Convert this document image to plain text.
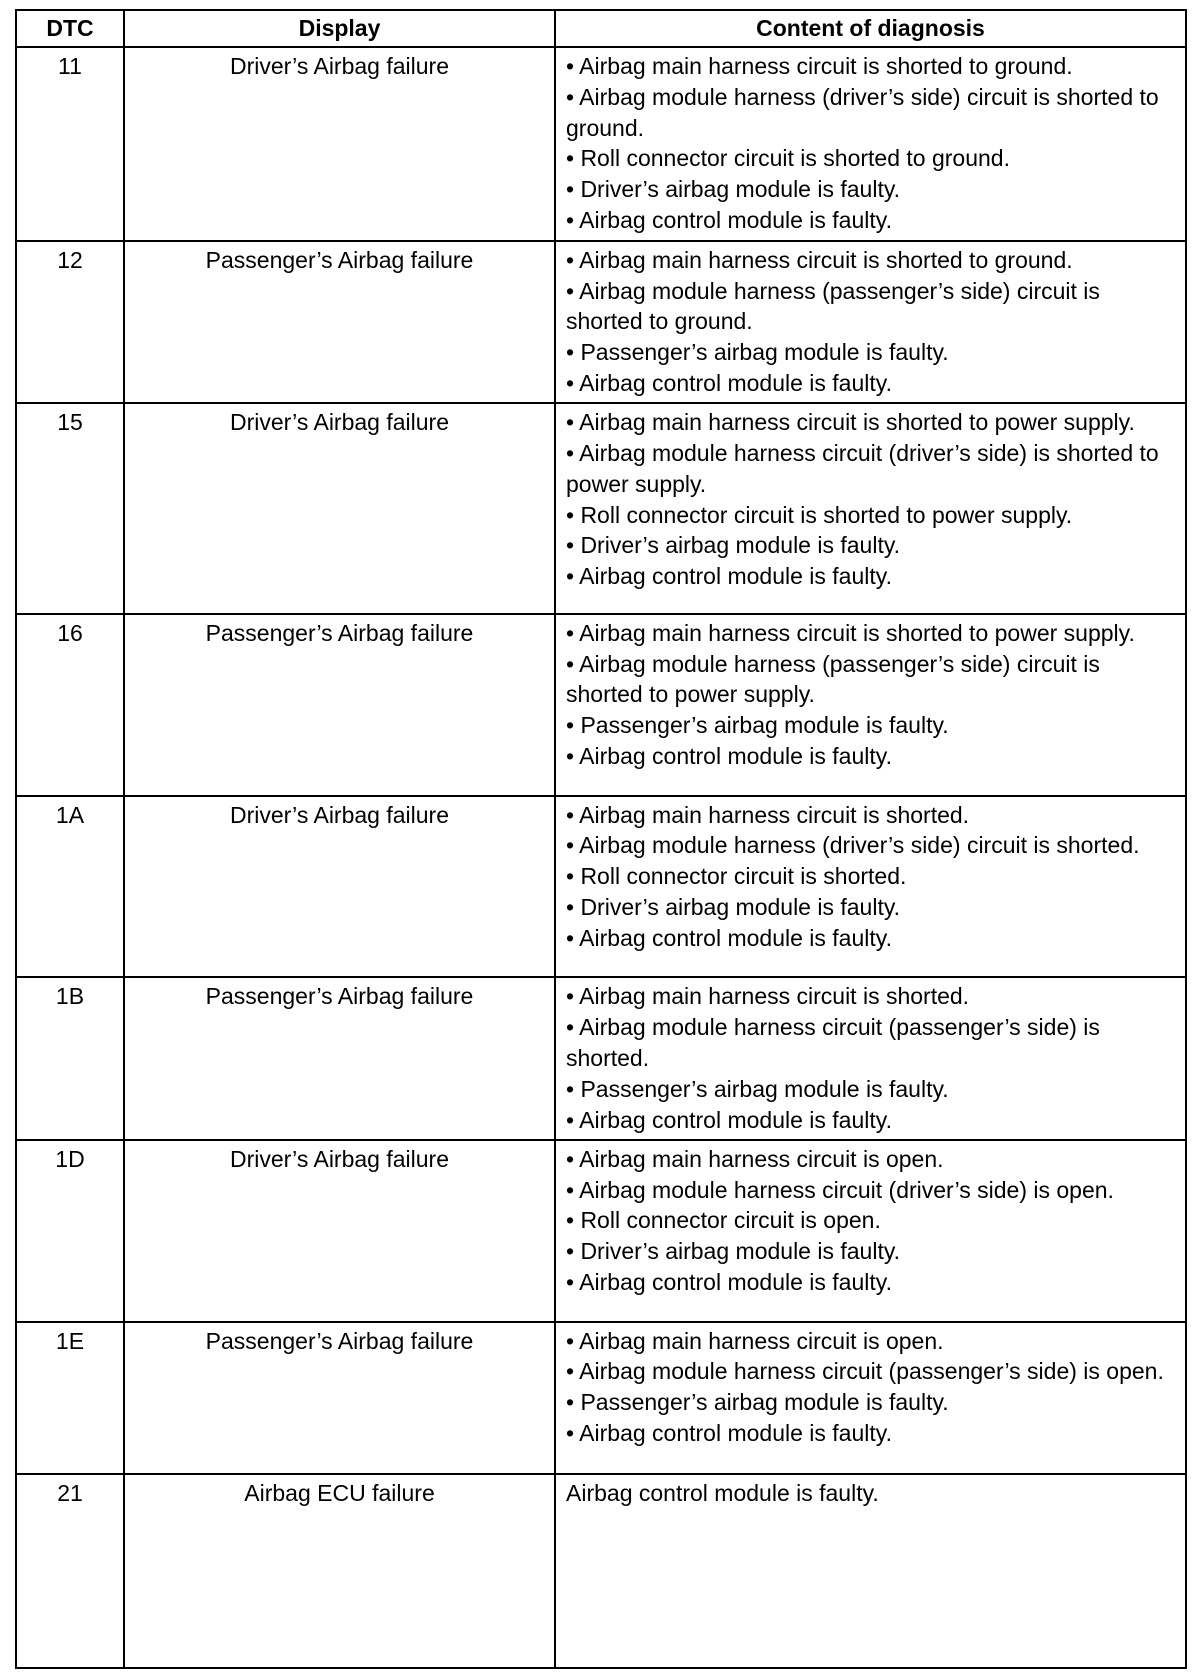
DTC	Display	Content of diagnosis
11	Driver’s Airbag failure	• Airbag main harness circuit is shorted to ground.
• Airbag module harness (driver’s side) circuit is shorted to ground.
• Roll connector circuit is shorted to ground.
• Driver’s airbag module is faulty.
• Airbag control module is faulty.

12	Passenger’s Airbag failure	• Airbag main harness circuit is shorted to ground.
• Airbag module harness (passenger’s side) circuit is shorted to ground.
• Passenger’s airbag module is faulty.
• Airbag control module is faulty.

15	Driver’s Airbag failure	• Airbag main harness circuit is shorted to power supply.
• Airbag module harness circuit (driver’s side) is shorted to power supply.
• Roll connector circuit is shorted to power supply.
• Driver’s airbag module is faulty.
• Airbag control module is faulty.

16	Passenger’s Airbag failure	• Airbag main harness circuit is shorted to power supply.
• Airbag module harness (passenger’s side) circuit is shorted to power supply.
• Passenger’s airbag module is faulty.
• Airbag control module is faulty.

1A	Driver’s Airbag failure	• Airbag main harness circuit is shorted.
• Airbag module harness (driver’s side) circuit is shorted.
• Roll connector circuit is shorted.
• Driver’s airbag module is faulty.
• Airbag control module is faulty.

1B	Passenger’s Airbag failure	• Airbag main harness circuit is shorted.
• Airbag module harness circuit (passenger’s side) is shorted.
• Passenger’s airbag module is faulty.
• Airbag control module is faulty.

1D	Driver’s Airbag failure	• Airbag main harness circuit is open.
• Airbag module harness circuit (driver’s side) is open.
• Roll connector circuit is open.
• Driver’s airbag module is faulty.
• Airbag control module is faulty.

1E	Passenger’s Airbag failure	• Airbag main harness circuit is open.
• Airbag module harness circuit (passenger’s side) is open.
• Passenger’s airbag module is faulty.
• Airbag control module is faulty.

21	Airbag ECU failure	Airbag control module is faulty.
